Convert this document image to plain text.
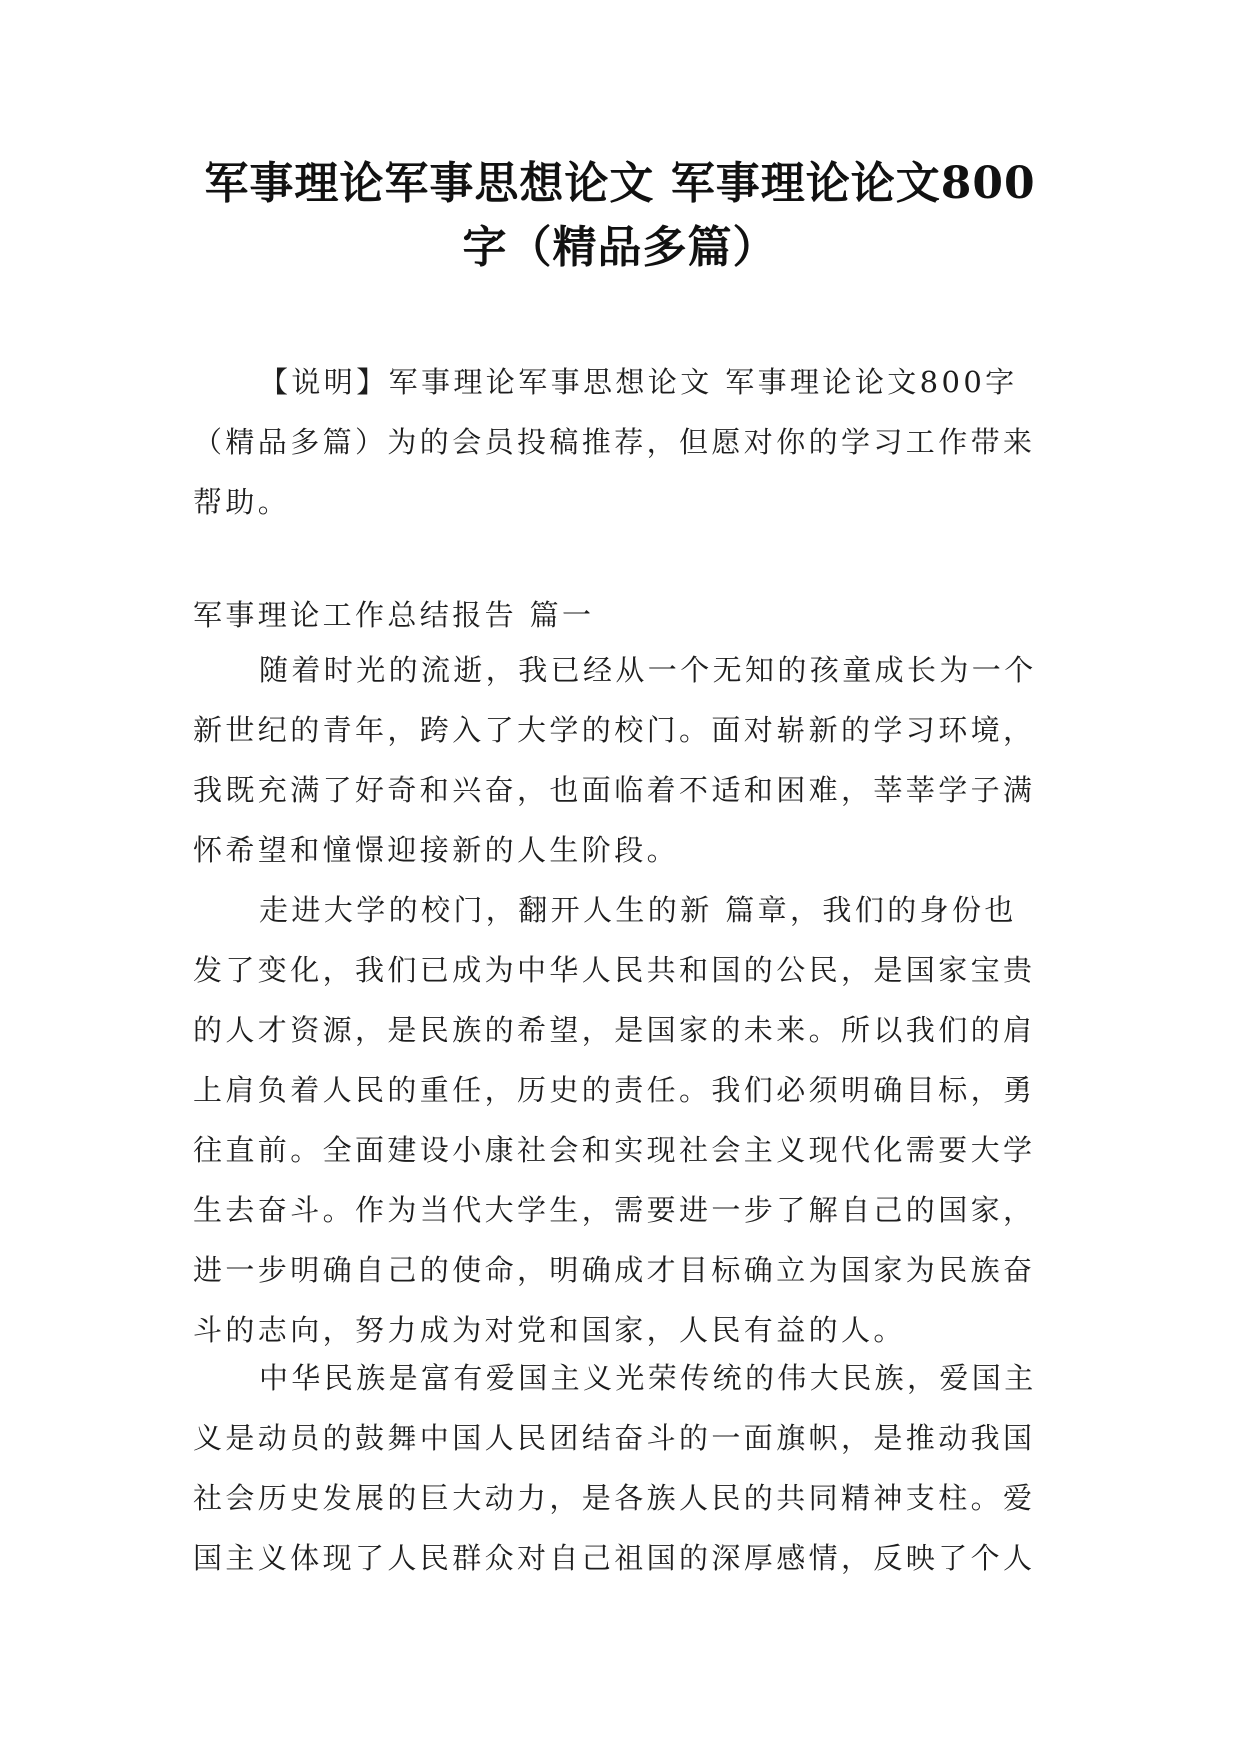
军事理论军事思想论文 军事理论论文800
字（精品多篇）

【说明】军事理论军事思想论文 军事理论论文800字
（精品多篇）为的会员投稿推荐，但愿对你的学习工作带来
帮助。

军事理论工作总结报告 篇一

随着时光的流逝，我已经从一个无知的孩童成长为一个
新世纪的青年，跨入了大学的校门。面对崭新的学习环境，
我既充满了好奇和兴奋，也面临着不适和困难，莘莘学子满
怀希望和憧憬迎接新的人生阶段。

走进大学的校门，翻开人生的新 篇章，我们的身份也
发了变化，我们已成为中华人民共和国的公民，是国家宝贵
的人才资源，是民族的希望，是国家的未来。所以我们的肩
上肩负着人民的重任，历史的责任。我们必须明确目标，勇
往直前。全面建设小康社会和实现社会主义现代化需要大学
生去奋斗。作为当代大学生，需要进一步了解自己的国家，
进一步明确自己的使命，明确成才目标确立为国家为民族奋
斗的志向，努力成为对党和国家，人民有益的人。

中华民族是富有爱国主义光荣传统的伟大民族，爱国主
义是动员的鼓舞中国人民团结奋斗的一面旗帜，是推动我国
社会历史发展的巨大动力，是各族人民的共同精神支柱。爱
国主义体现了人民群众对自己祖国的深厚感情，反映了个人
